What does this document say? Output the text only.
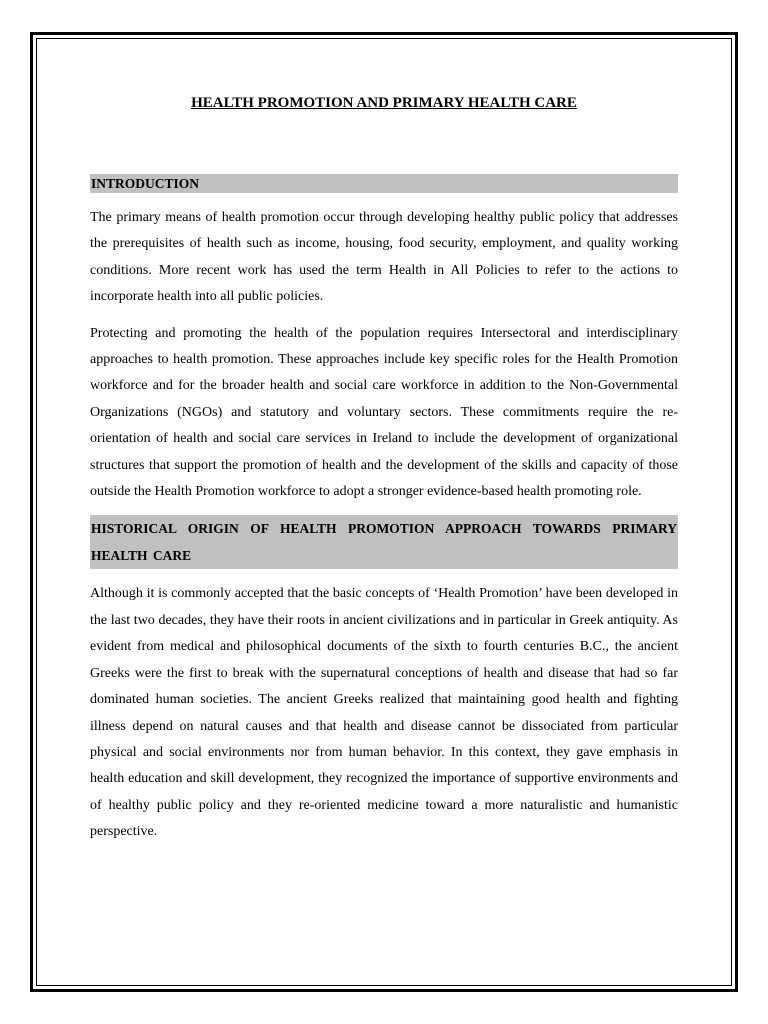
HEALTH PROMOTION AND PRIMARY HEALTH CARE
INTRODUCTION

The primary means of health promotion occur through developing healthy public policy that addresses the prerequisites of health such as income, housing, food security, employment, and quality working conditions. More recent work has used the term Health in All Policies to refer to the actions to incorporate health into all public policies.

Protecting and promoting the health of the population requires Intersectoral and interdisciplinary approaches to health promotion. These approaches include key specific roles for the Health Promotion workforce and for the broader health and social care workforce in addition to the Non-Governmental Organizations (NGOs) and statutory and voluntary sectors. These commitments require the re-orientation of health and social care services in Ireland to include the development of organizational structures that support the promotion of health and the development of the skills and capacity of those outside the Health Promotion workforce to adopt a stronger evidence-based health promoting role.

HISTORICAL ORIGIN OF HEALTH PROMOTION APPROACH TOWARDS PRIMARY HEALTH CARE

Although it is commonly accepted that the basic concepts of ‘Health Promotion’ have been developed in the last two decades, they have their roots in ancient civilizations and in particular in Greek antiquity. As evident from medical and philosophical documents of the sixth to fourth centuries B.C., the ancient Greeks were the first to break with the supernatural conceptions of health and disease that had so far dominated human societies. The ancient Greeks realized that maintaining good health and fighting illness depend on natural causes and that health and disease cannot be dissociated from particular physical and social environments nor from human behavior. In this context, they gave emphasis in health education and skill development, they recognized the importance of supportive environments and of healthy public policy and they re-oriented medicine toward a more naturalistic and humanistic perspective.
